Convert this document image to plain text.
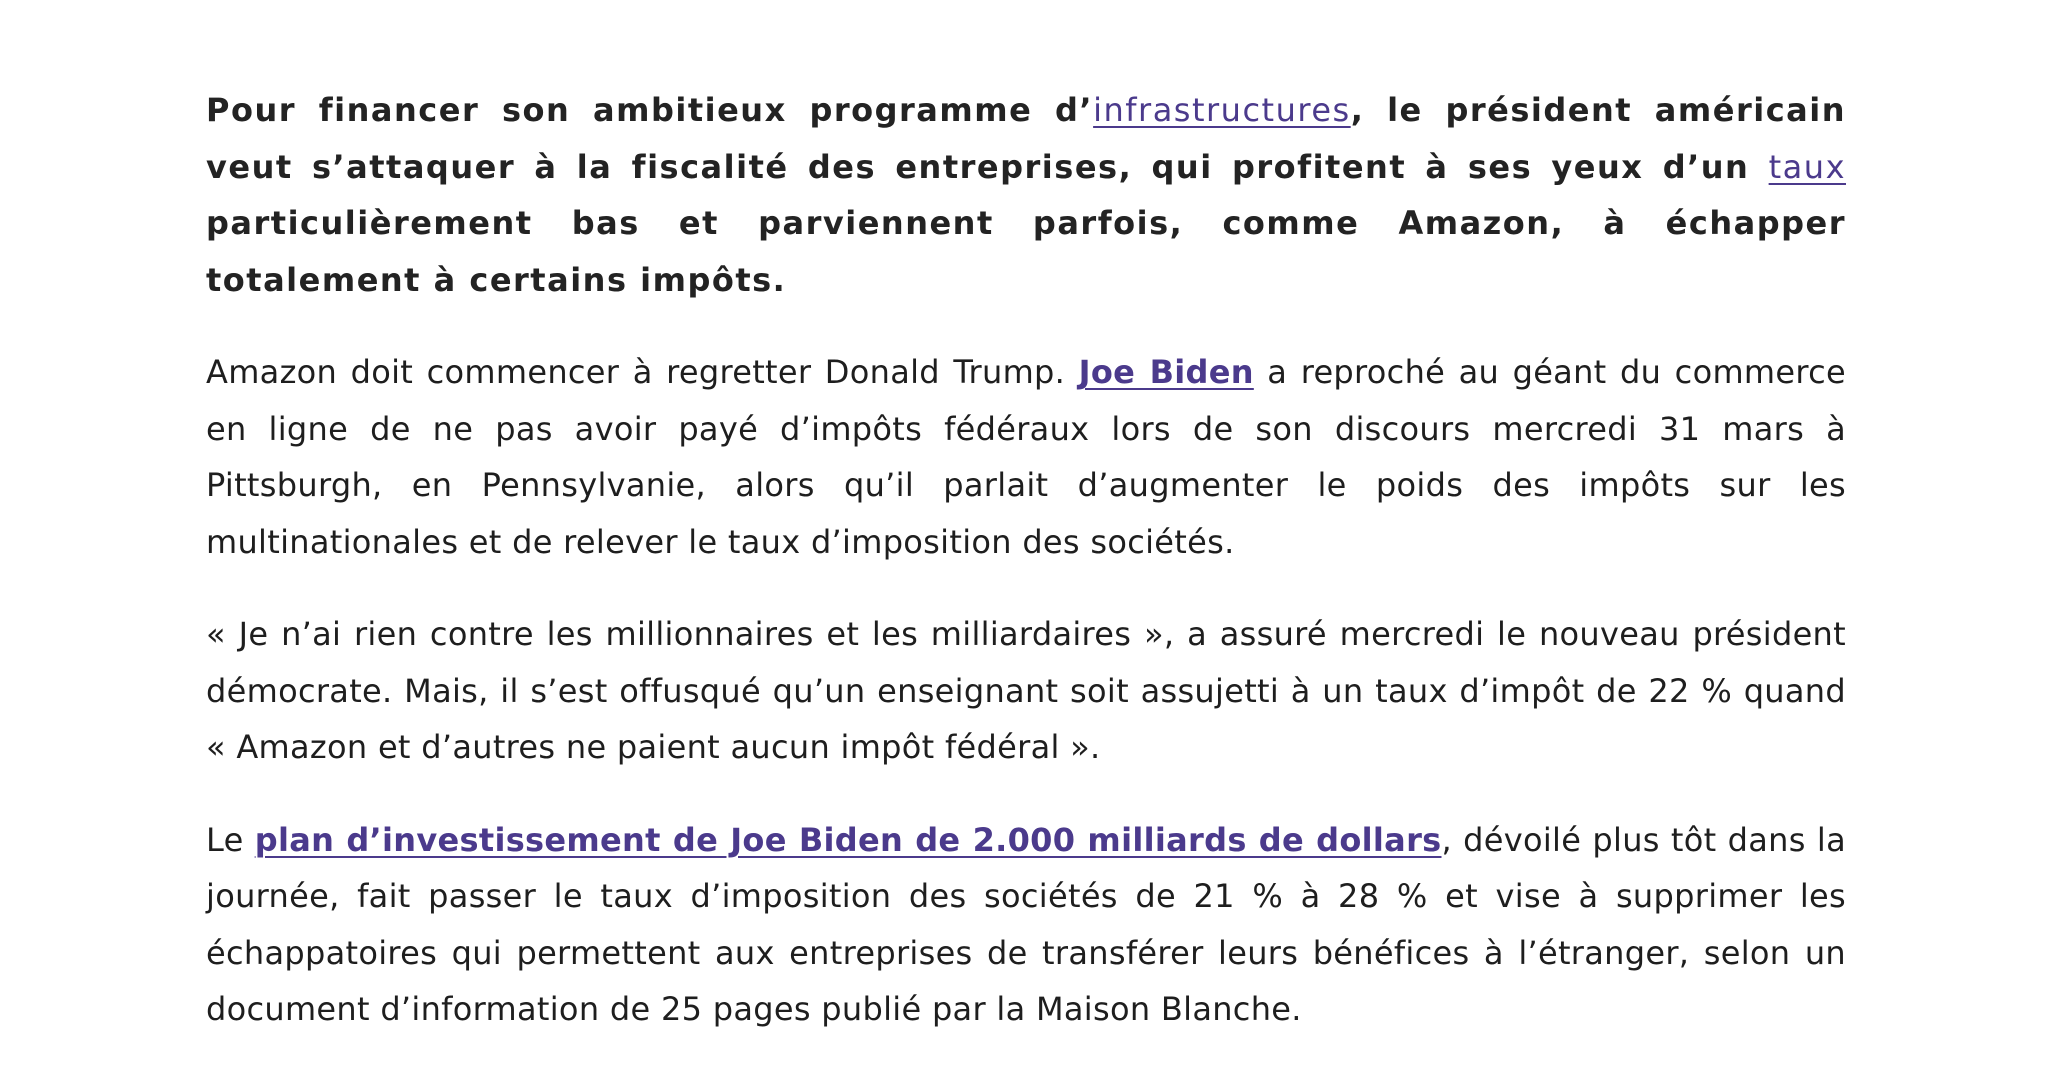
Pour financer son ambitieux programme d’infrastructures, le président américain veut s’attaquer à la fiscalité des entreprises, qui profitent à ses yeux d’un taux particulièrement bas et parviennent parfois, comme Amazon, à échapper totalement à certains impôts.

Amazon doit commencer à regretter Donald Trump. Joe Biden a reproché au géant du commerce en ligne de ne pas avoir payé d’impôts fédéraux lors de son discours mercredi 31 mars à Pittsburgh, en Pennsylvanie, alors qu’il parlait d’augmenter le poids des impôts sur les multinationales et de relever le taux d’imposition des sociétés.

« Je n’ai rien contre les millionnaires et les milliardaires », a assuré mercredi le nouveau président démocrate. Mais, il s’est offusqué qu’un enseignant soit assujetti à un taux d’impôt de 22 % quand « Amazon et d’autres ne paient aucun impôt fédéral ».

Le plan d’investissement de Joe Biden de 2.000 milliards de dollars, dévoilé plus tôt dans la journée, fait passer le taux d’imposition des sociétés de 21 % à 28 % et vise à supprimer les échappatoires qui permettent aux entreprises de transférer leurs bénéfices à l’étranger, selon un document d’information de 25 pages publié par la Maison Blanche.
